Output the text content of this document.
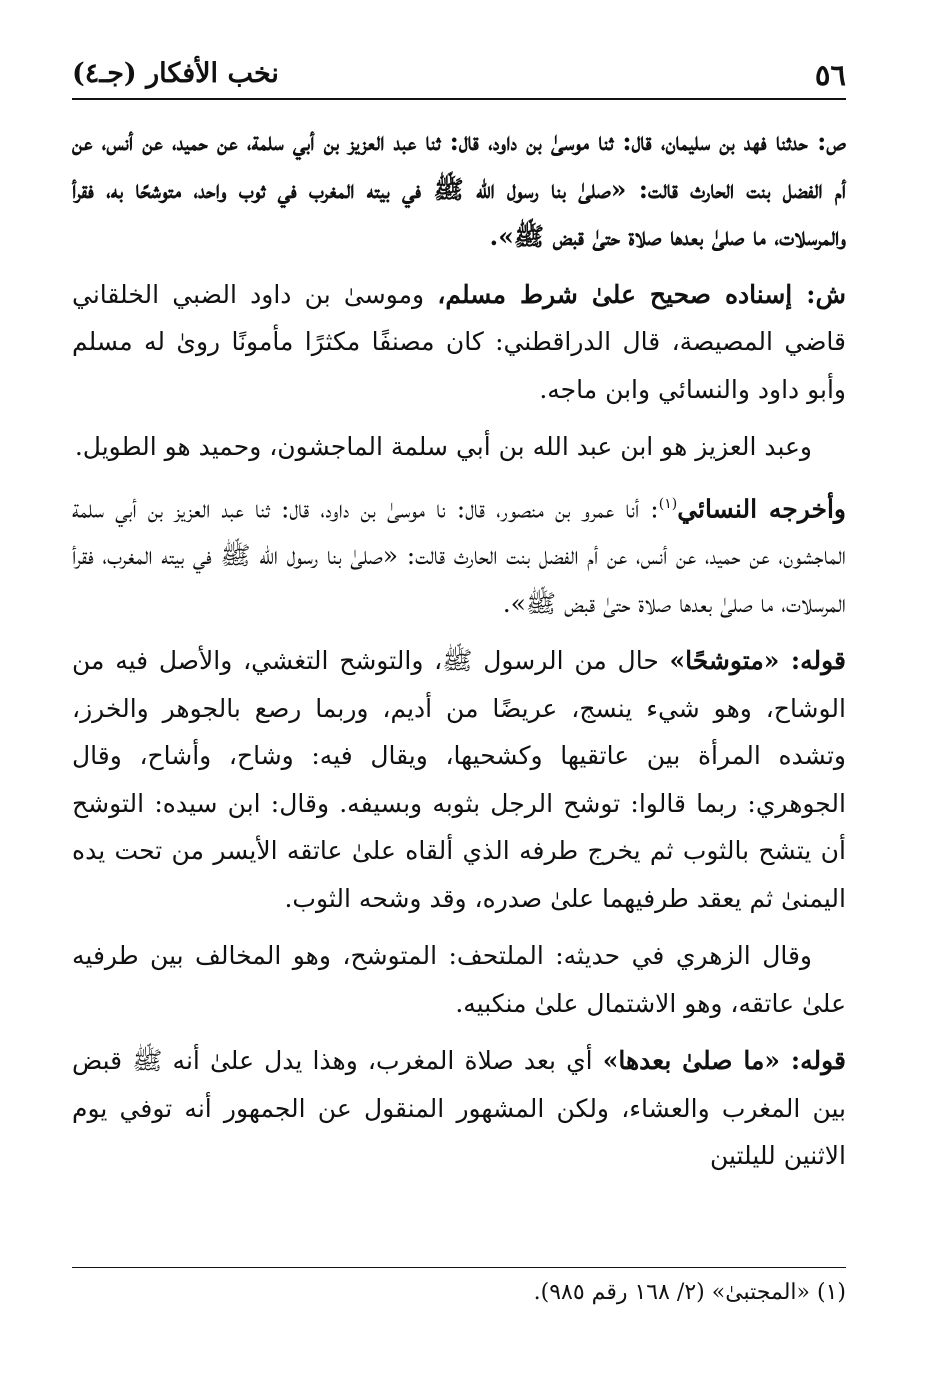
٥٦
نخب الأفكار (جـ٤)

ص: حدثنا فهد بن سليمان، قال: ثنا موسىٰ بن داود، قال: ثنا عبد العزيز بن أبي سلمة، عن حميد، عن أنس، عن أم الفضل بنت الحارث قالت: «صلىٰ بنا رسول الله ﷺ في بيته المغرب في ثوب واحد، متوشحًا به، فقرأ والمرسلات، ما صلىٰ بعدها صلاة حتىٰ قبض ﷺ».

ش: إسناده صحيح علىٰ شرط مسلم، وموسىٰ بن داود الضبي الخلقاني قاضي المصيصة، قال الدراقطني: كان مصنفًا مكثرًا مأمونًا روىٰ له مسلم وأبو داود والنسائي وابن ماجه.

وعبد العزيز هو ابن عبد الله بن أبي سلمة الماجشون، وحميد هو الطويل.

وأخرجه النسائي$^{(١)}$: أنا عمرو بن منصور، قال: نا موسىٰ بن داود، قال: ثنا عبد العزيز بن أبي سلمة الماجشون، عن حميد، عن أنس، عن أم الفضل بنت الحارث قالت: «صلىٰ بنا رسول الله ﷺ في بيته المغرب، فقرأ المرسلات، ما صلىٰ بعدها صلاة حتىٰ قبض ﷺ».

قوله: «متوشحًا» حال من الرسول ﷺ، والتوشح التغشي، والأصل فيه من الوشاح، وهو شيء ينسج، عريضًا من أديم، وربما رصع بالجوهر والخرز، وتشده المرأة بين عاتقيها وكشحيها، ويقال فيه: وشاح، وأشاح، وقال الجوهري: ربما قالوا: توشح الرجل بثوبه وبسيفه. وقال: ابن سيده: التوشح أن يتشح بالثوب ثم يخرج طرفه الذي ألقاه علىٰ عاتقه الأيسر من تحت يده اليمنىٰ ثم يعقد طرفيهما علىٰ صدره، وقد وشحه الثوب.

وقال الزهري في حديثه: الملتحف: المتوشح، وهو المخالف بين طرفيه علىٰ عاتقه، وهو الاشتمال علىٰ منكبيه.

قوله: «ما صلىٰ بعدها» أي بعد صلاة المغرب، وهذا يدل علىٰ أنه ﷺ قبض بين المغرب والعشاء، ولكن المشهور المنقول عن الجمهور أنه توفي يوم الاثنين لليلتين

(١) «المجتبىٰ» (٢/ ١٦٨ رقم ٩٨٥).
